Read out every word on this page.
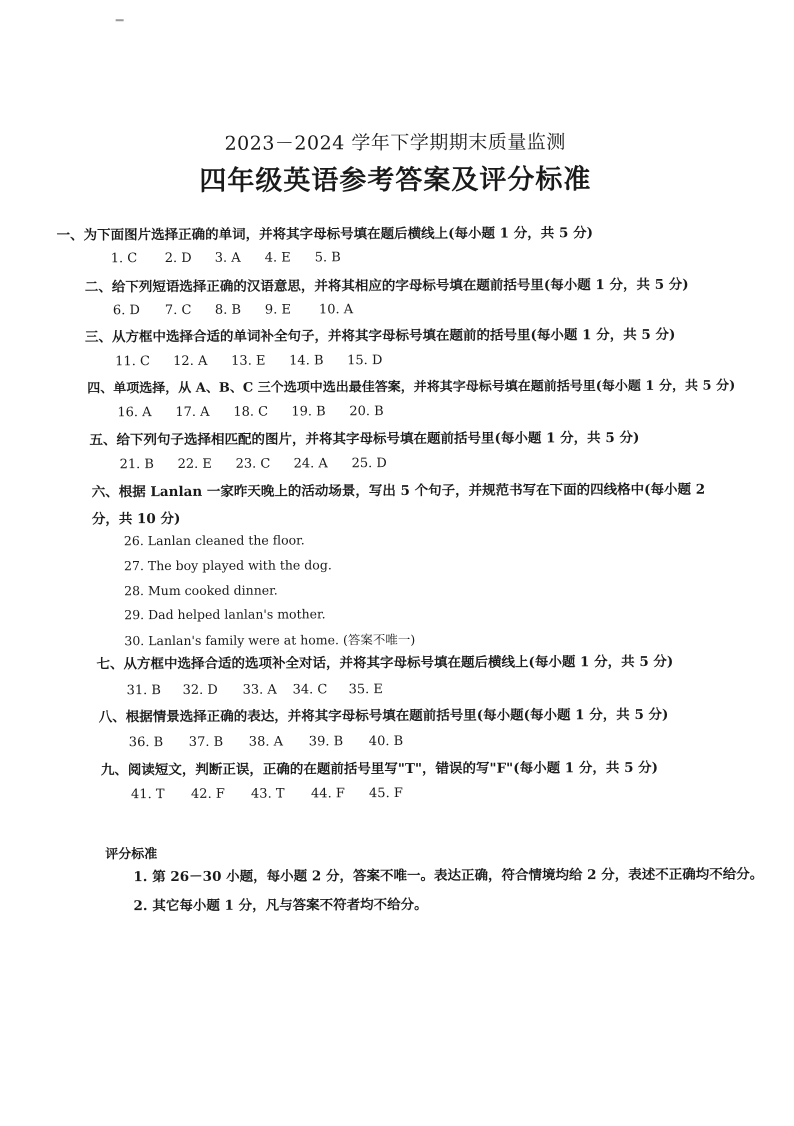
2023－2024 学年下学期期末质量监测
四年级英语参考答案及评分标准
一、为下面图片选择正确的单词，并将其字母标号填在题后横线上(每小题 1 分，共 5 分)
1. C 2. D 3. A 4. E 5. B
二、给下列短语选择正确的汉语意思，并将其相应的字母标号填在题前括号里(每小题 1 分，共 5 分)
6. D 7. C 8. B 9. E 10. A
三、从方框中选择合适的单词补全句子，并将其字母标号填在题前的括号里(每小题 1 分，共 5 分)
11. C 12. A 13. E 14. B 15. D
四、单项选择，从 A、B、C 三个选项中选出最佳答案，并将其字母标号填在题前括号里(每小题 1 分，共 5 分)
16. A 17. A 18. C 19. B 20. B
五、给下列句子选择相匹配的图片，并将其字母标号填在题前括号里(每小题 1 分，共 5 分)
21. B 22. E 23. C 24. A 25. D
六、根据 Lanlan 一家昨天晚上的活动场景，写出 5 个句子，并规范书写在下面的四线格中(每小题 2
分，共 10 分)
26. Lanlan cleaned the floor.
27. The boy played with the dog.
28. Mum cooked dinner.
29. Dad helped lanlan's mother.
30. Lanlan's family were at home. (答案不唯一)
七、从方框中选择合适的选项补全对话，并将其字母标号填在题后横线上(每小题 1 分，共 5 分)
31. B 32. D 33. A 34. C 35. E
八、根据情景选择正确的表达，并将其字母标号填在题前括号里(每小题(每小题 1 分，共 5 分)
36. B 37. B 38. A 39. B 40. B
九、阅读短文，判断正误，正确的在题前括号里写"T"，错误的写"F"(每小题 1 分，共 5 分)
41. T 42. F 43. T 44. F 45. F
评分标准
1. 第 26－30 小题，每小题 2 分，答案不唯一。表达正确，符合情境均给 2 分，表述不正确均不给分。
2. 其它每小题 1 分，凡与答案不符者均不给分。
